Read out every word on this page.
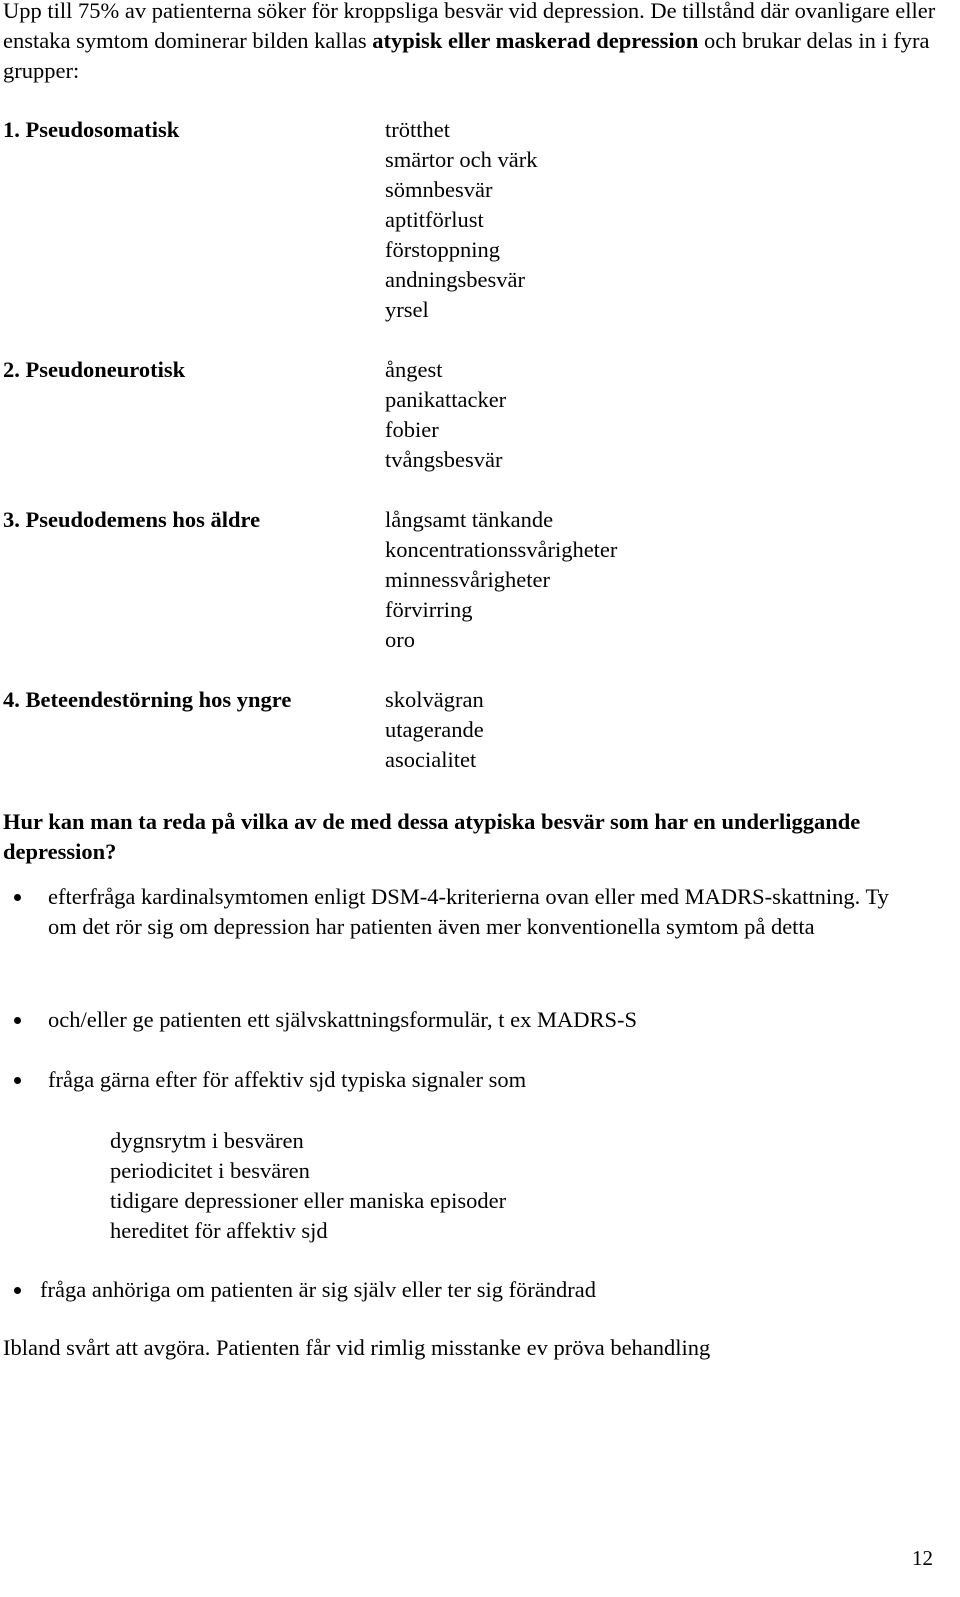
Upp till 75% av patienterna söker för kroppsliga besvär vid depression. De tillstånd där ovanligare eller enstaka symtom dominerar bilden kallas atypisk eller maskerad depression och brukar delas in i fyra grupper:

1. Pseudosomatisk	trötthet
smärtor och värk
sömnbesvär
aptitförlust
förstoppning
andningsbesvär
yrsel
2. Pseudoneurotisk	ångest
panikattacker
fobier
tvångsbesvär
3. Pseudodemens hos äldre	långsamt tänkande
koncentrationssvårigheter
minnessvårigheter
förvirring
oro
4. Beteendestörning hos yngre	skolvägran
utagerande
asocialitet

Hur kan man ta reda på vilka av de med dessa atypiska besvär som har en underliggande depression?

efterfråga kardinalsymtomen enligt DSM-4-kriterierna ovan eller med MADRS-skattning. Ty om det rör sig om depression har patienten även mer konventionella symtom på detta
och/eller ge patienten ett självskattningsformulär, t ex MADRS-S
fråga gärna efter för affektiv sjd typiska signaler som
dygnsrytm i besvären
periodicitet i besvären
tidigare depressioner eller maniska episoder
hereditet för affektiv sjd
fråga anhöriga om patienten är sig själv eller ter sig förändrad

Ibland svårt att avgöra. Patienten får vid rimlig misstanke ev pröva behandling

12
